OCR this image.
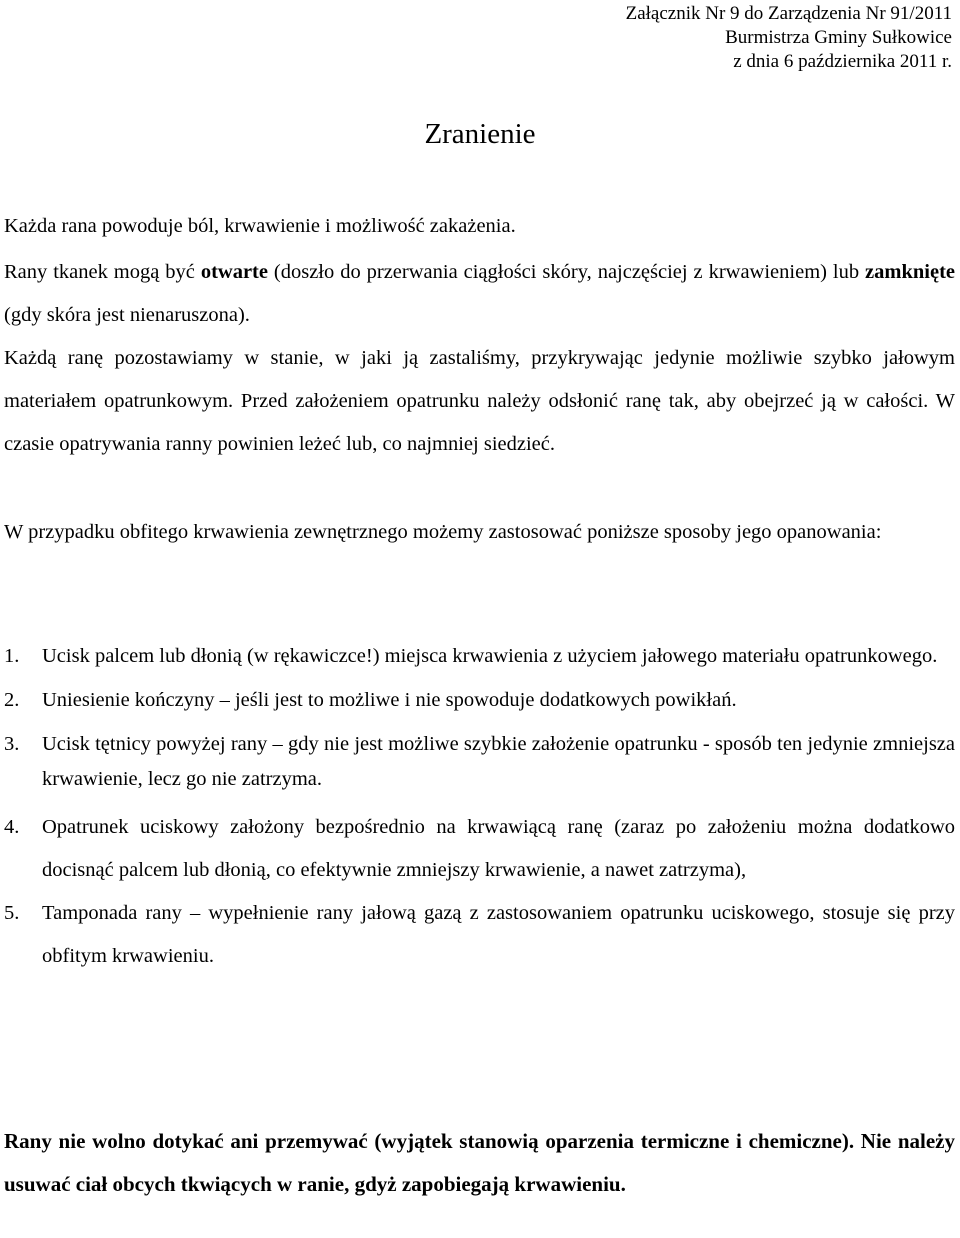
Załącznik Nr 9 do Zarządzenia Nr 91/2011
Burmistrza Gminy Sułkowice
z dnia 6 października 2011 r.
Zranienie

Każda rana powoduje ból, krwawienie i możliwość zakażenia.

Rany tkanek mogą być otwarte (doszło do przerwania ciągłości skóry, najczęściej z krwawieniem) lub zamknięte (gdy skóra jest nienaruszona).

Każdą ranę pozostawiamy w stanie, w jaki ją zastaliśmy, przykrywając jedynie możliwie szybko jałowym materiałem opatrunkowym. Przed założeniem opatrunku należy odsłonić ranę tak, aby obejrzeć ją w całości. W czasie opatrywania ranny powinien leżeć lub, co najmniej siedzieć.

W przypadku obfitego krwawienia zewnętrznego możemy zastosować poniższe sposoby jego opanowania:

1. Ucisk palcem lub dłonią (w rękawiczce!) miejsca krwawienia z użyciem jałowego materiału opatrunkowego.
2. Uniesienie kończyny – jeśli jest to możliwe i nie spowoduje dodatkowych powikłań.
3. Ucisk tętnicy powyżej rany – gdy nie jest możliwe szybkie założenie opatrunku - sposób ten jedynie zmniejsza krwawienie, lecz go nie zatrzyma.
4. Opatrunek uciskowy założony bezpośrednio na krwawiącą ranę (zaraz po założeniu można dodatkowo docisnąć palcem lub dłonią, co efektywnie zmniejszy krwawienie, a nawet zatrzyma),
5. Tamponada rany – wypełnienie rany jałową gazą z zastosowaniem opatrunku uciskowego, stosuje się przy obfitym krwawieniu.

Rany nie wolno dotykać ani przemywać (wyjątek stanowią oparzenia termiczne i chemiczne). Nie należy usuwać ciał obcych tkwiących w ranie, gdyż zapobiegają krwawieniu.
